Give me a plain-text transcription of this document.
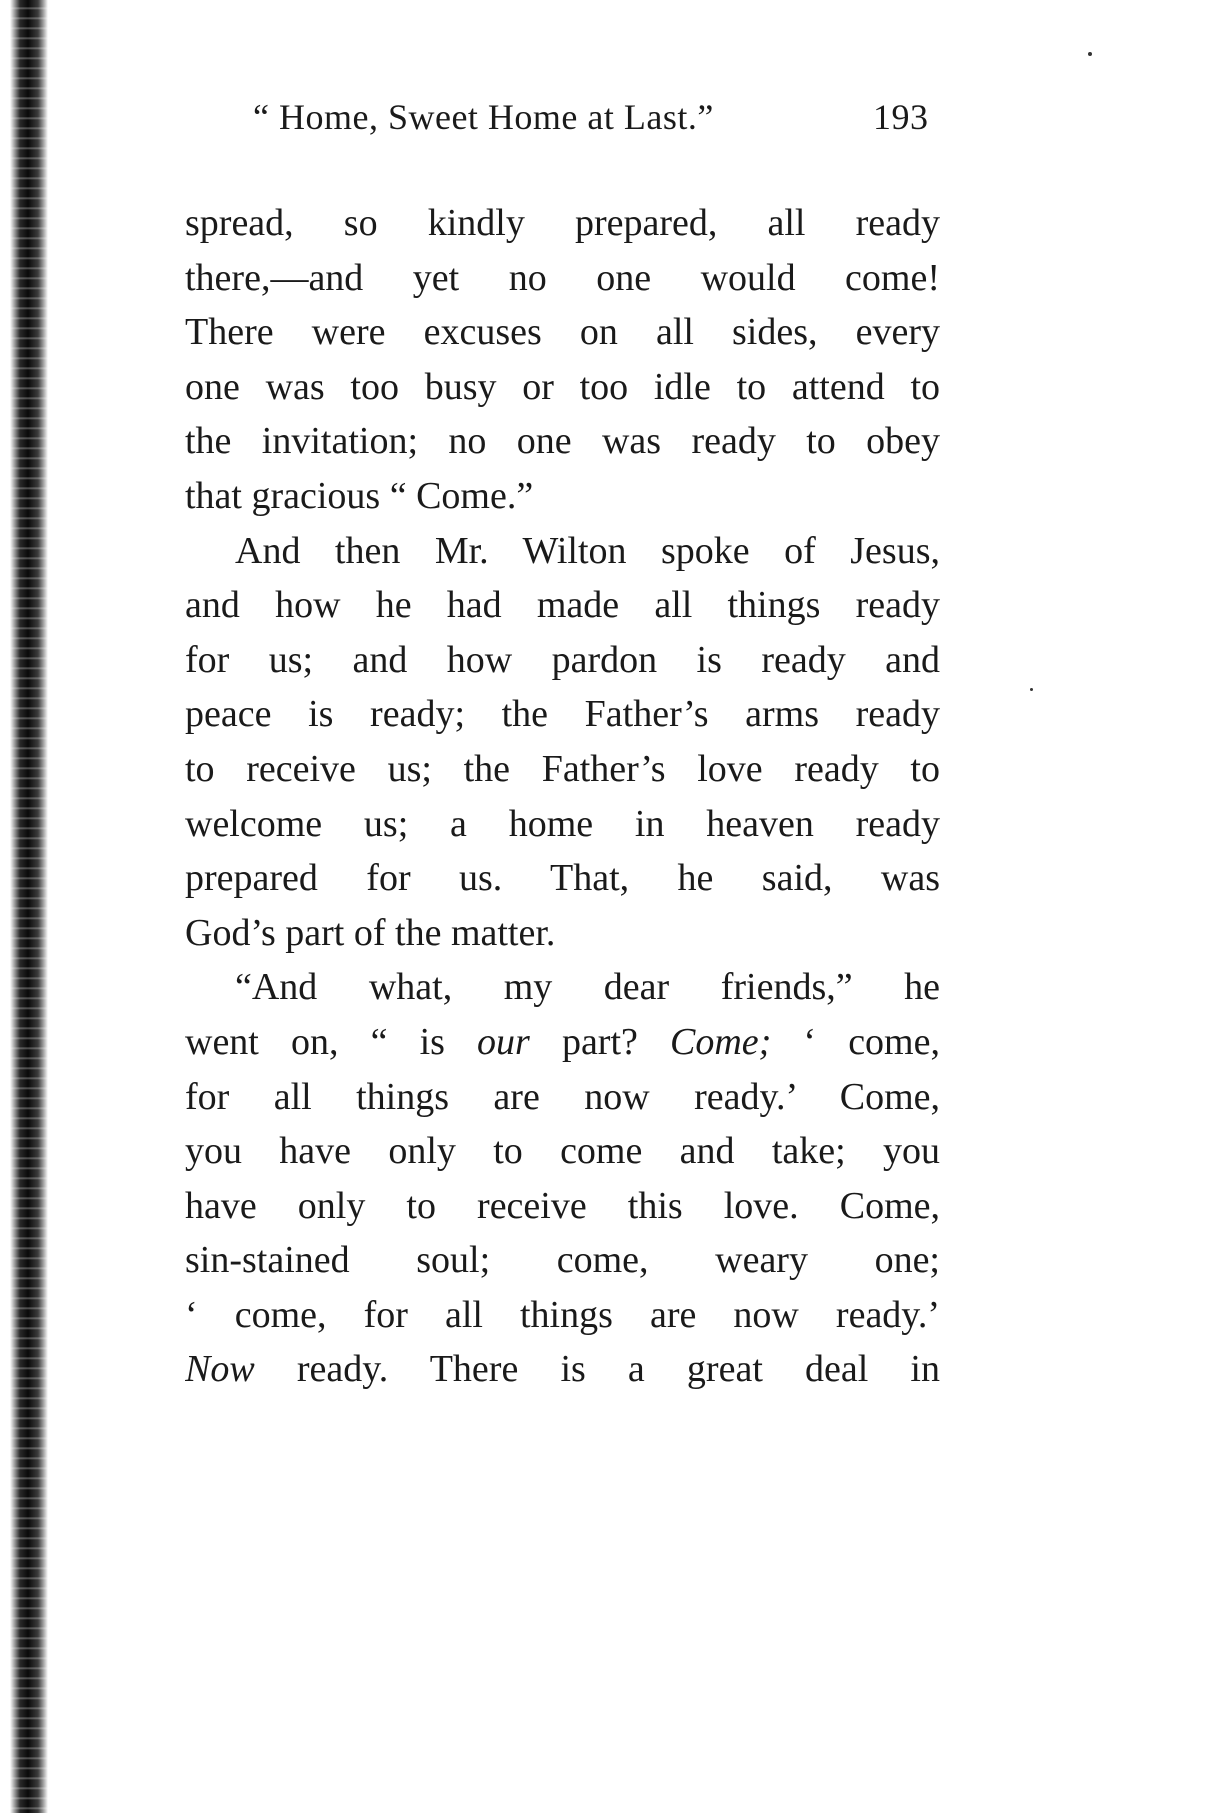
“ Home, Sweet Home at Last.”	193
spread, so kindly prepared, all ready
there,—and yet no one would come!
There were excuses on all sides, every
one was too busy or too idle to attend to
the invitation; no one was ready to obey
that gracious “ Come.”
And then Mr. Wilton spoke of Jesus,
and how he had made all things ready
for us; and how pardon is ready and
peace is ready; the Father’s arms ready
to receive us; the Father’s love ready to
welcome us; a home in heaven ready
prepared for us. That, he said, was
God’s part of the matter.
“And what, my dear friends,” he
went on, “ is our part? Come; ‘ come,
for all things are now ready.’ Come,
you have only to come and take; you
have only to receive this love. Come,
sin-stained soul; come, weary one;
‘ come, for all things are now ready.’
Now ready. There is a great deal in
